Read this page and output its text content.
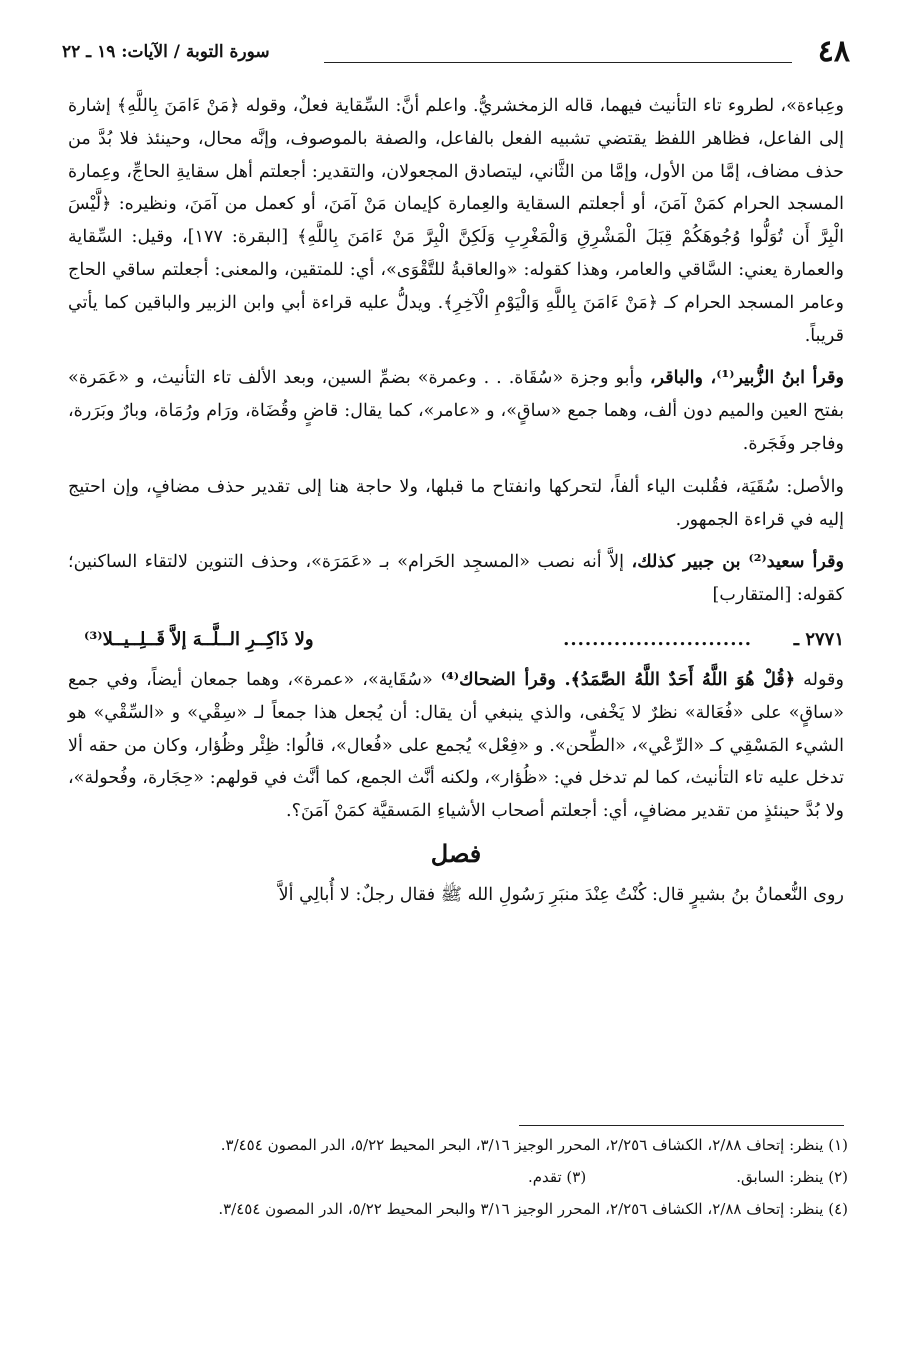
٤٨
سورة التوبة / الآيات: ١٩ ـ ٢٢

وعِباءة»، لطروء تاء التأنيث فيهما، قاله الزمخشريُّ. واعلم أنَّ: السِّقاية فعلٌ، وقوله ﴿مَنْ ءَامَنَ بِاللَّهِ﴾ إشارة إلى الفاعل، فظاهر اللفظ يقتضي تشبيه الفعل بالفاعل، والصفة بالموصوف، وإنَّه محال، وحينئذ فلا بُدَّ من حذف مضاف، إمَّا من الأول، وإمَّا من الثَّاني، ليتصادق المجعولان، والتقدير: أجعلتم أهل سقايةِ الحاجِّ، وعِمارة المسجد الحرام كمَنْ آمَنَ، أو أجعلتم السقاية والعِمارة كإيمان مَنْ آمَنَ، أو كعمل من آمَنَ، ونظيره: ﴿لَّيْسَ الْبِرَّ أَن تُوَلُّوا وُجُوهَكُمْ قِبَلَ الْمَشْرِقِ وَالْمَغْرِبِ وَلَكِنَّ الْبِرَّ مَنْ ءَامَنَ بِاللَّهِ﴾ [البقرة: ١٧٧]، وقيل: السِّقاية والعمارة يعني: السَّاقي والعامر، وهذا كقوله: «والعاقبةُ للتَّقْوَى»، أي: للمتقين، والمعنى: أجعلتم ساقي الحاج وعامر المسجد الحرام كـ ﴿مَنْ ءَامَنَ بِاللَّهِ وَالْيَوْمِ الْآخِرِ﴾. ويدلُّ عليه قراءة أبي وابن الزبير والباقين كما يأتي قريباً.

وقرأ ابنُ الزُّبير⁽¹⁾، والباقر، وأبو وجزة «سُقَاة. . . وعمرة» بضمِّ السين، وبعد الألف تاء التأنيث، و «عَمَرة» بفتح العين والميم دون ألف، وهما جمع «ساقٍ»، و «عامر»، كما يقال: قاضٍ وقُضَاة، ورَام ورُمَاة، وبارٌ وبَرَرة، وفاجر وفَجَرة.

والأصل: سُقَيَة، فقُلبت الياء ألفاً، لتحركها وانفتاح ما قبلها، ولا حاجة هنا إلى تقدير حذف مضافٍ، وإن احتيج إليه في قراءة الجمهور.

وقرأ سعيد⁽²⁾ بن جبير كذلك، إلاَّ أنه نصب «المسجِد الحَرام» بـ «عَمَرَة»، وحذف التنوين لالتقاء الساكنين؛ كقوله: [المتقارب]

٢٧٧١ ـ
..........................
ولا ذَاكِــرِ الــلَّــهَ إلاَّ قَــلِــيــلا⁽³⁾

وقوله ﴿قُلْ هُوَ اللَّهُ أَحَدٌ اللَّهُ الصَّمَدُ﴾. وقرأ الضحاك⁽⁴⁾ «سُقَاية»، «عمرة»، وهما جمعان أيضاً، وفي جمع «ساقٍ» على «فُعَالة» نظرٌ لا يَخْفى، والذي ينبغي أن يقال: أن يُجعل هذا جمعاً لـ «سِقْي» و «السِّقْي» هو الشيء المَسْقِي كـ «الرِّعْي»، «الطِّحن». و «فِعْل» يُجمع على «فُعال»، قالُوا: ظِئْر وظُؤار، وكان من حقه ألا تدخل عليه تاء التأنيث، كما لم تدخل في: «ظُؤار»، ولكنه أنَّث الجمع، كما أنَّث في قولهم: «حِجَارة، وفُحولة»، ولا بُدَّ حينئذٍ من تقدير مضافٍ، أي: أجعلتم أصحاب الأشياءِ المَسقيَّة كمَنْ آمَنَ؟.

فصل

روى النُّعمانُ بنُ بشيرٍ قال: كُنْتُ عِنْدَ منبَرِ رَسُولِ الله ﷺ فقال رجلٌ: لا أُبالِي ألاَّ

(١) ينظر: إتحاف ٢/٨٨، الكشاف ٢/٢٥٦، المحرر الوجيز ٣/١٦، البحر المحيط ٥/٢٢، الدر المصون ٣/٤٥٤.
(٢) ينظر: السابق.
(٣) تقدم.
(٤) ينظر: إتحاف ٢/٨٨، الكشاف ٢/٢٥٦، المحرر الوجيز ٣/١٦ والبحر المحيط ٥/٢٢، الدر المصون ٣/٤٥٤.
